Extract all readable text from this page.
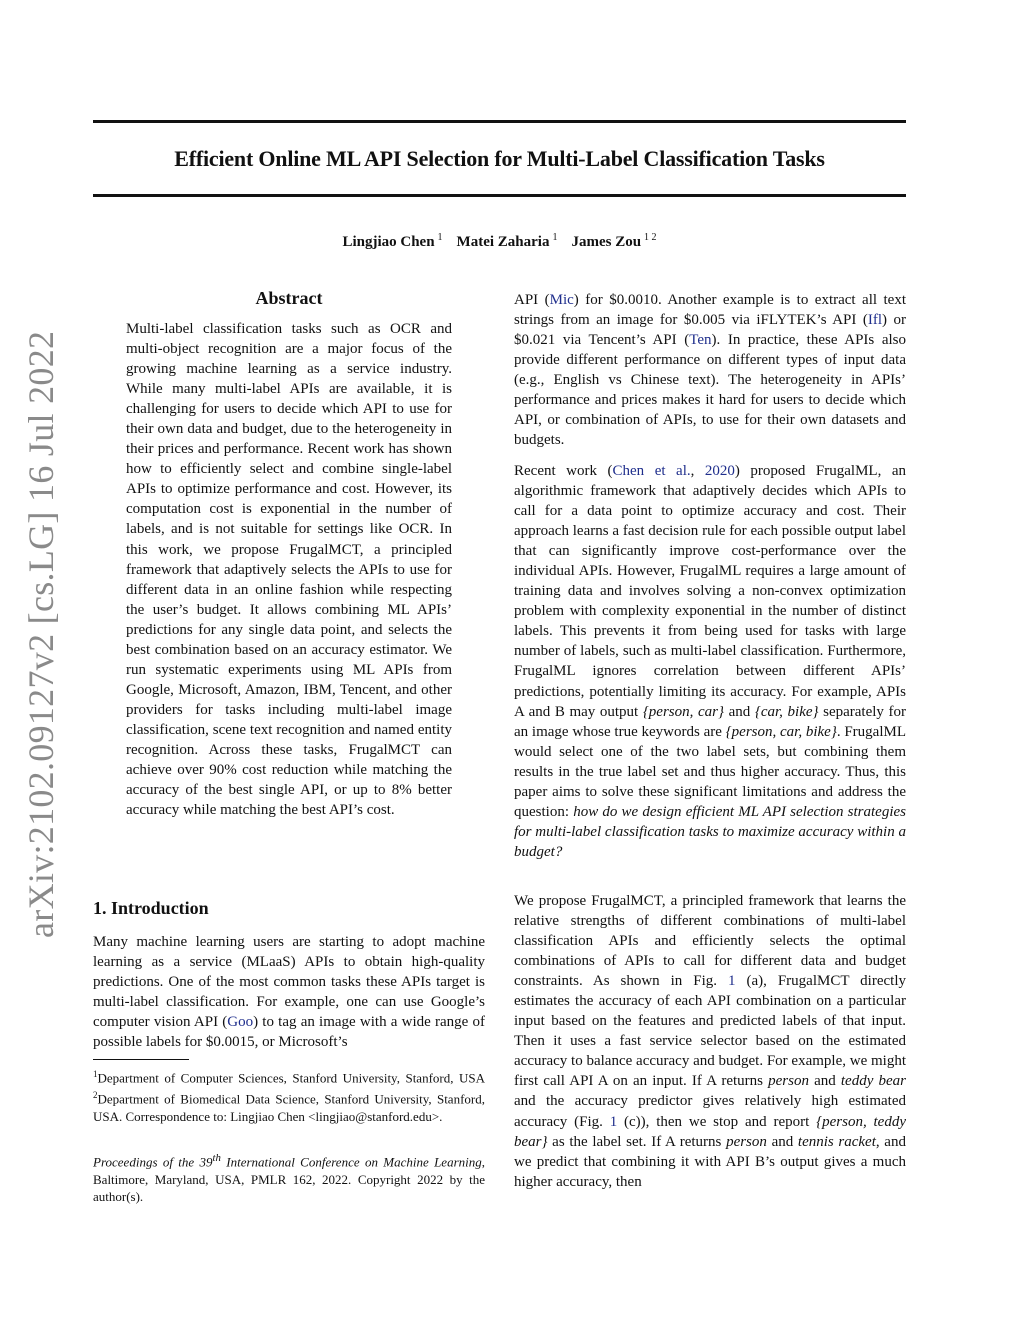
Efficient Online ML API Selection for Multi-Label Classification Tasks
Lingjiao Chen $^1$ Matei Zaharia $^1$ James Zou $^{1 2}$
arXiv:2102.09127v2 [cs.LG] 16 Jul 2022
Abstract

Multi-label classification tasks such as OCR and multi-object recognition are a major focus of the growing machine learning as a service industry. While many multi-label APIs are available, it is challenging for users to decide which API to use for their own data and budget, due to the heterogeneity in their prices and performance. Recent work has shown how to efficiently select and combine single-label APIs to optimize performance and cost. However, its computation cost is exponential in the number of labels, and is not suitable for settings like OCR. In this work, we propose FrugalMCT, a principled framework that adaptively selects the APIs to use for different data in an online fashion while respecting the user’s budget. It allows combining ML APIs’ predictions for any single data point, and selects the best combination based on an accuracy estimator. We run systematic experiments using ML APIs from Google, Microsoft, Amazon, IBM, Tencent, and other providers for tasks including multi-label image classification, scene text recognition and named entity recognition. Across these tasks, FrugalMCT can achieve over 90% cost reduction while matching the accuracy of the best single API, or up to 8% better accuracy while matching the best API’s cost.

1. Introduction

Many machine learning users are starting to adopt machine learning as a service (MLaaS) APIs to obtain high-quality predictions. One of the most common tasks these APIs target is multi-label classification. For example, one can use Google’s computer vision API (Goo) to tag an image with a wide range of possible labels for $0.0015, or Microsoft’s

$^1$Department of Computer Sciences, Stanford University, Stanford, USA $^2$Department of Biomedical Data Science, Stanford University, Stanford, USA. Correspondence to: Lingjiao Chen <lingjiao@stanford.edu>.

Proceedings of the 39th International Conference on Machine Learning, Baltimore, Maryland, USA, PMLR 162, 2022. Copyright 2022 by the author(s).

API (Mic) for $0.0010. Another example is to extract all text strings from an image for $0.005 via iFLYTEK’s API (Ifl) or $0.021 via Tencent’s API (Ten). In practice, these APIs also provide different performance on different types of input data (e.g., English vs Chinese text). The heterogeneity in APIs’ performance and prices makes it hard for users to decide which API, or combination of APIs, to use for their own datasets and budgets.

Recent work (Chen et al., 2020) proposed FrugalML, an algorithmic framework that adaptively decides which APIs to call for a data point to optimize accuracy and cost. Their approach learns a fast decision rule for each possible output label that can significantly improve cost-performance over the individual APIs. However, FrugalML requires a large amount of training data and involves solving a non-convex optimization problem with complexity exponential in the number of distinct labels. This prevents it from being used for tasks with large number of labels, such as multi-label classification. Furthermore, FrugalML ignores correlation between different APIs’ predictions, potentially limiting its accuracy. For example, APIs A and B may output {person, car} and {car, bike} separately for an image whose true keywords are {person, car, bike}. FrugalML would select one of the two label sets, but combining them results in the true label set and thus higher accuracy. Thus, this paper aims to solve these significant limitations and address the question: how do we design efficient ML API selection strategies for multi-label classification tasks to maximize accuracy within a budget?

We propose FrugalMCT, a principled framework that learns the relative strengths of different combinations of multi-label classification APIs and efficiently selects the optimal combinations of APIs to call for different data and budget constraints. As shown in Fig. 1 (a), FrugalMCT directly estimates the accuracy of each API combination on a particular input based on the features and predicted labels of that input. Then it uses a fast service selector based on the estimated accuracy to balance accuracy and budget. For example, we might first call API A on an input. If A returns person and teddy bear and the accuracy predictor gives relatively high estimated accuracy (Fig. 1 (c)), then we stop and report {person, teddy bear} as the label set. If A returns person and tennis racket, and we predict that combining it with API B’s output gives a much higher accuracy, then
